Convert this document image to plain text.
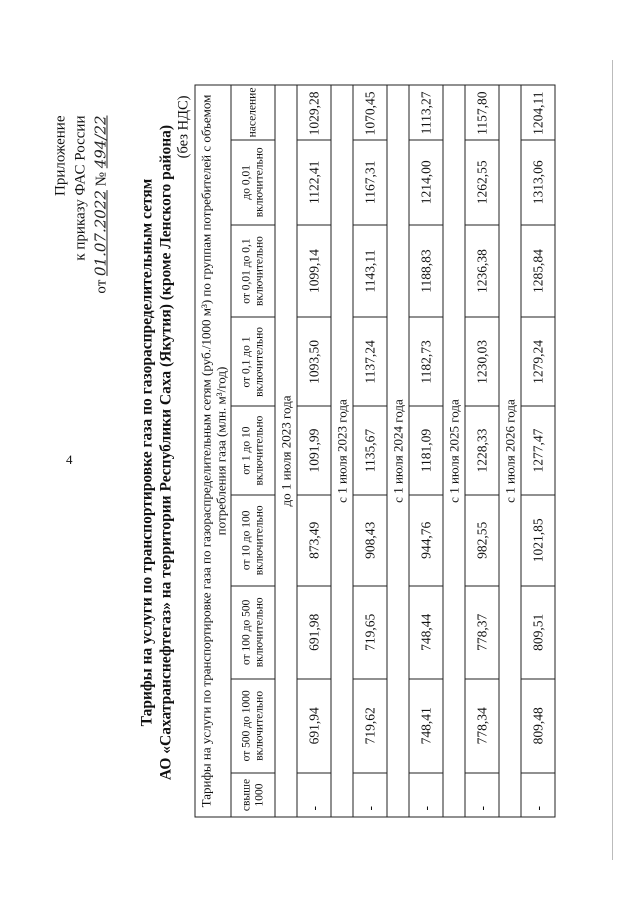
4
Приложение к приказу ФАС России
от 01.07.2022 № 494/22
Тарифы на услуги по транспортировке газа по газораспределительным сетям АО «Сахатранснефтегаз» на территории Республики Саха (Якутия) (кроме Ленского района) (без НДС) Тарифы на услуги по транспортировке газа по газораспределительным сетям (руб./1000 м³) по группам потребителей с объемом потребления газа (млн. м³/год)								
свыше 1000	от 500 до 1000 включительно	от 100 до 500 включительно	от 10 до 100 включительно	от 1 до 10 включительно	от 0,1 до 1 включительно	от 0,01 до 0,1 включительно	до 0,01 включительно	население
до 1 июля 2023 года								
-	691,94	691,98	873,49	1091,99	1093,50	1099,14	1122,41	1029,28
с 1 июля 2023 года								
-	719,62	719,65	908,43	1135,67	1137,24	1143,11	1167,31	1070,45
с 1 июля 2024 года								
-	748,41	748,44	944,76	1181,09	1182,73	1188,83	1214,00	1113,27
с 1 июля 2025 года								
-	778,34	778,37	982,55	1228,33	1230,03	1236,38	1262,55	1157,80
с 1 июля 2026 года								
-	809,48	809,51	1021,85	1277,47	1279,24	1285,84	1313,06	1204,11
